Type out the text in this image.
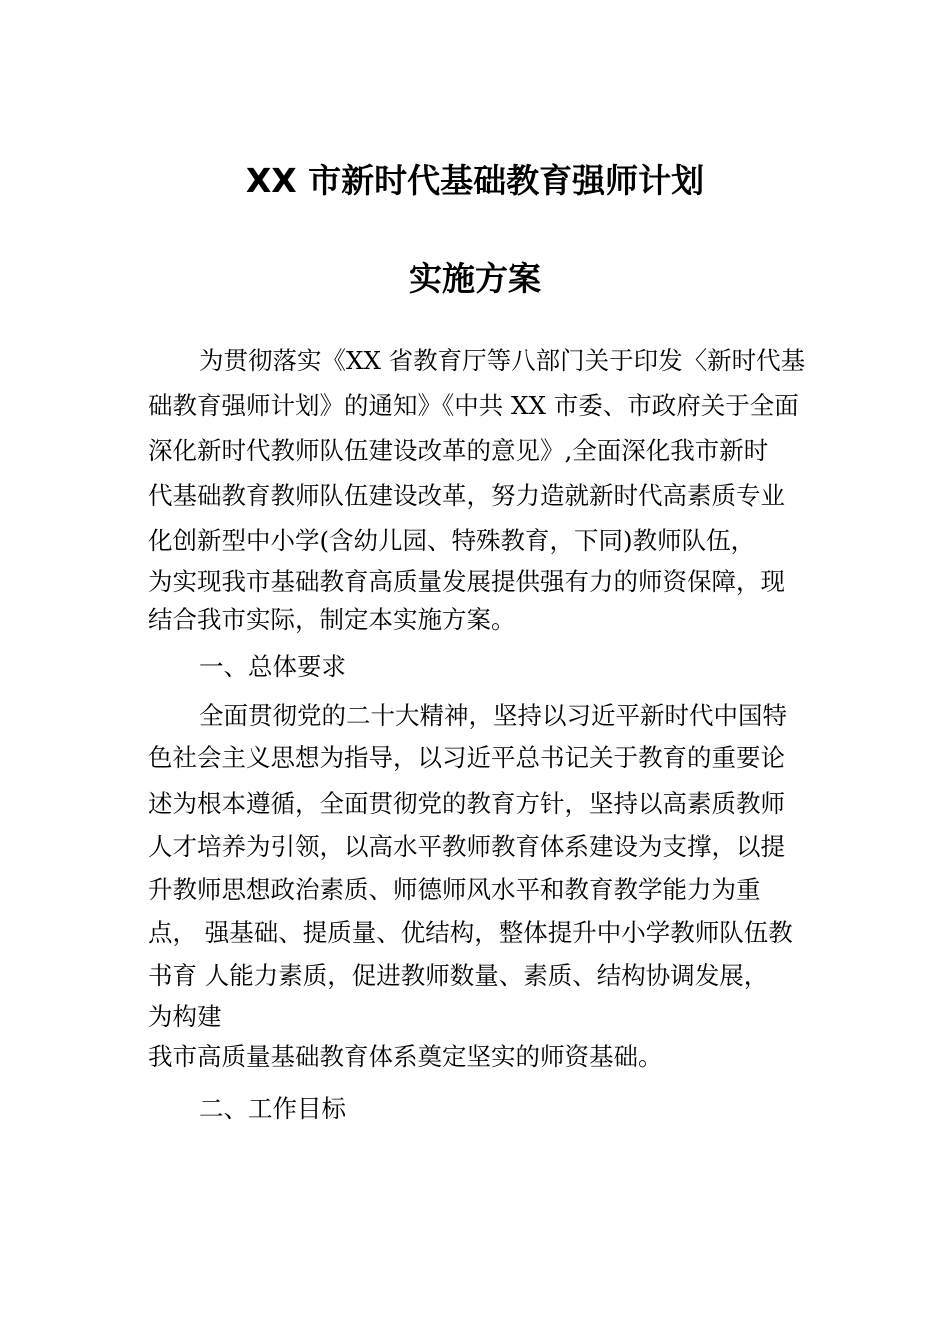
XX 市新时代基础教育强师计划
实施方案
为贯彻落实《XX 省教育厅等八部门关于印发〈新时代基
础教育强师计划》的通知》《中共 XX 市委、市政府关于全面
深化新时代教师队伍建设改革的意见》,全面深化我市新时
代基础教育教师队伍建设改革，努力造就新时代高素质专业
化创新型中小学(含幼儿园、特殊教育，下同)教师队伍，
为实现我市基础教育高质量发展提供强有力的师资保障，现
结合我市实际，制定本实施方案。
一、总体要求
全面贯彻党的二十大精神，坚持以习近平新时代中国特
色社会主义思想为指导，以习近平总书记关于教育的重要论
述为根本遵循，全面贯彻党的教育方针，坚持以高素质教师
人才培养为引领，以高水平教师教育体系建设为支撑，以提
升教师思想政治素质、师德师风水平和教育教学能力为重
点， 强基础、提质量、优结构，整体提升中小学教师队伍教
书育 人能力素质，促进教师数量、素质、结构协调发展，
为构建
我市高质量基础教育体系奠定坚实的师资基础。
二、工作目标
